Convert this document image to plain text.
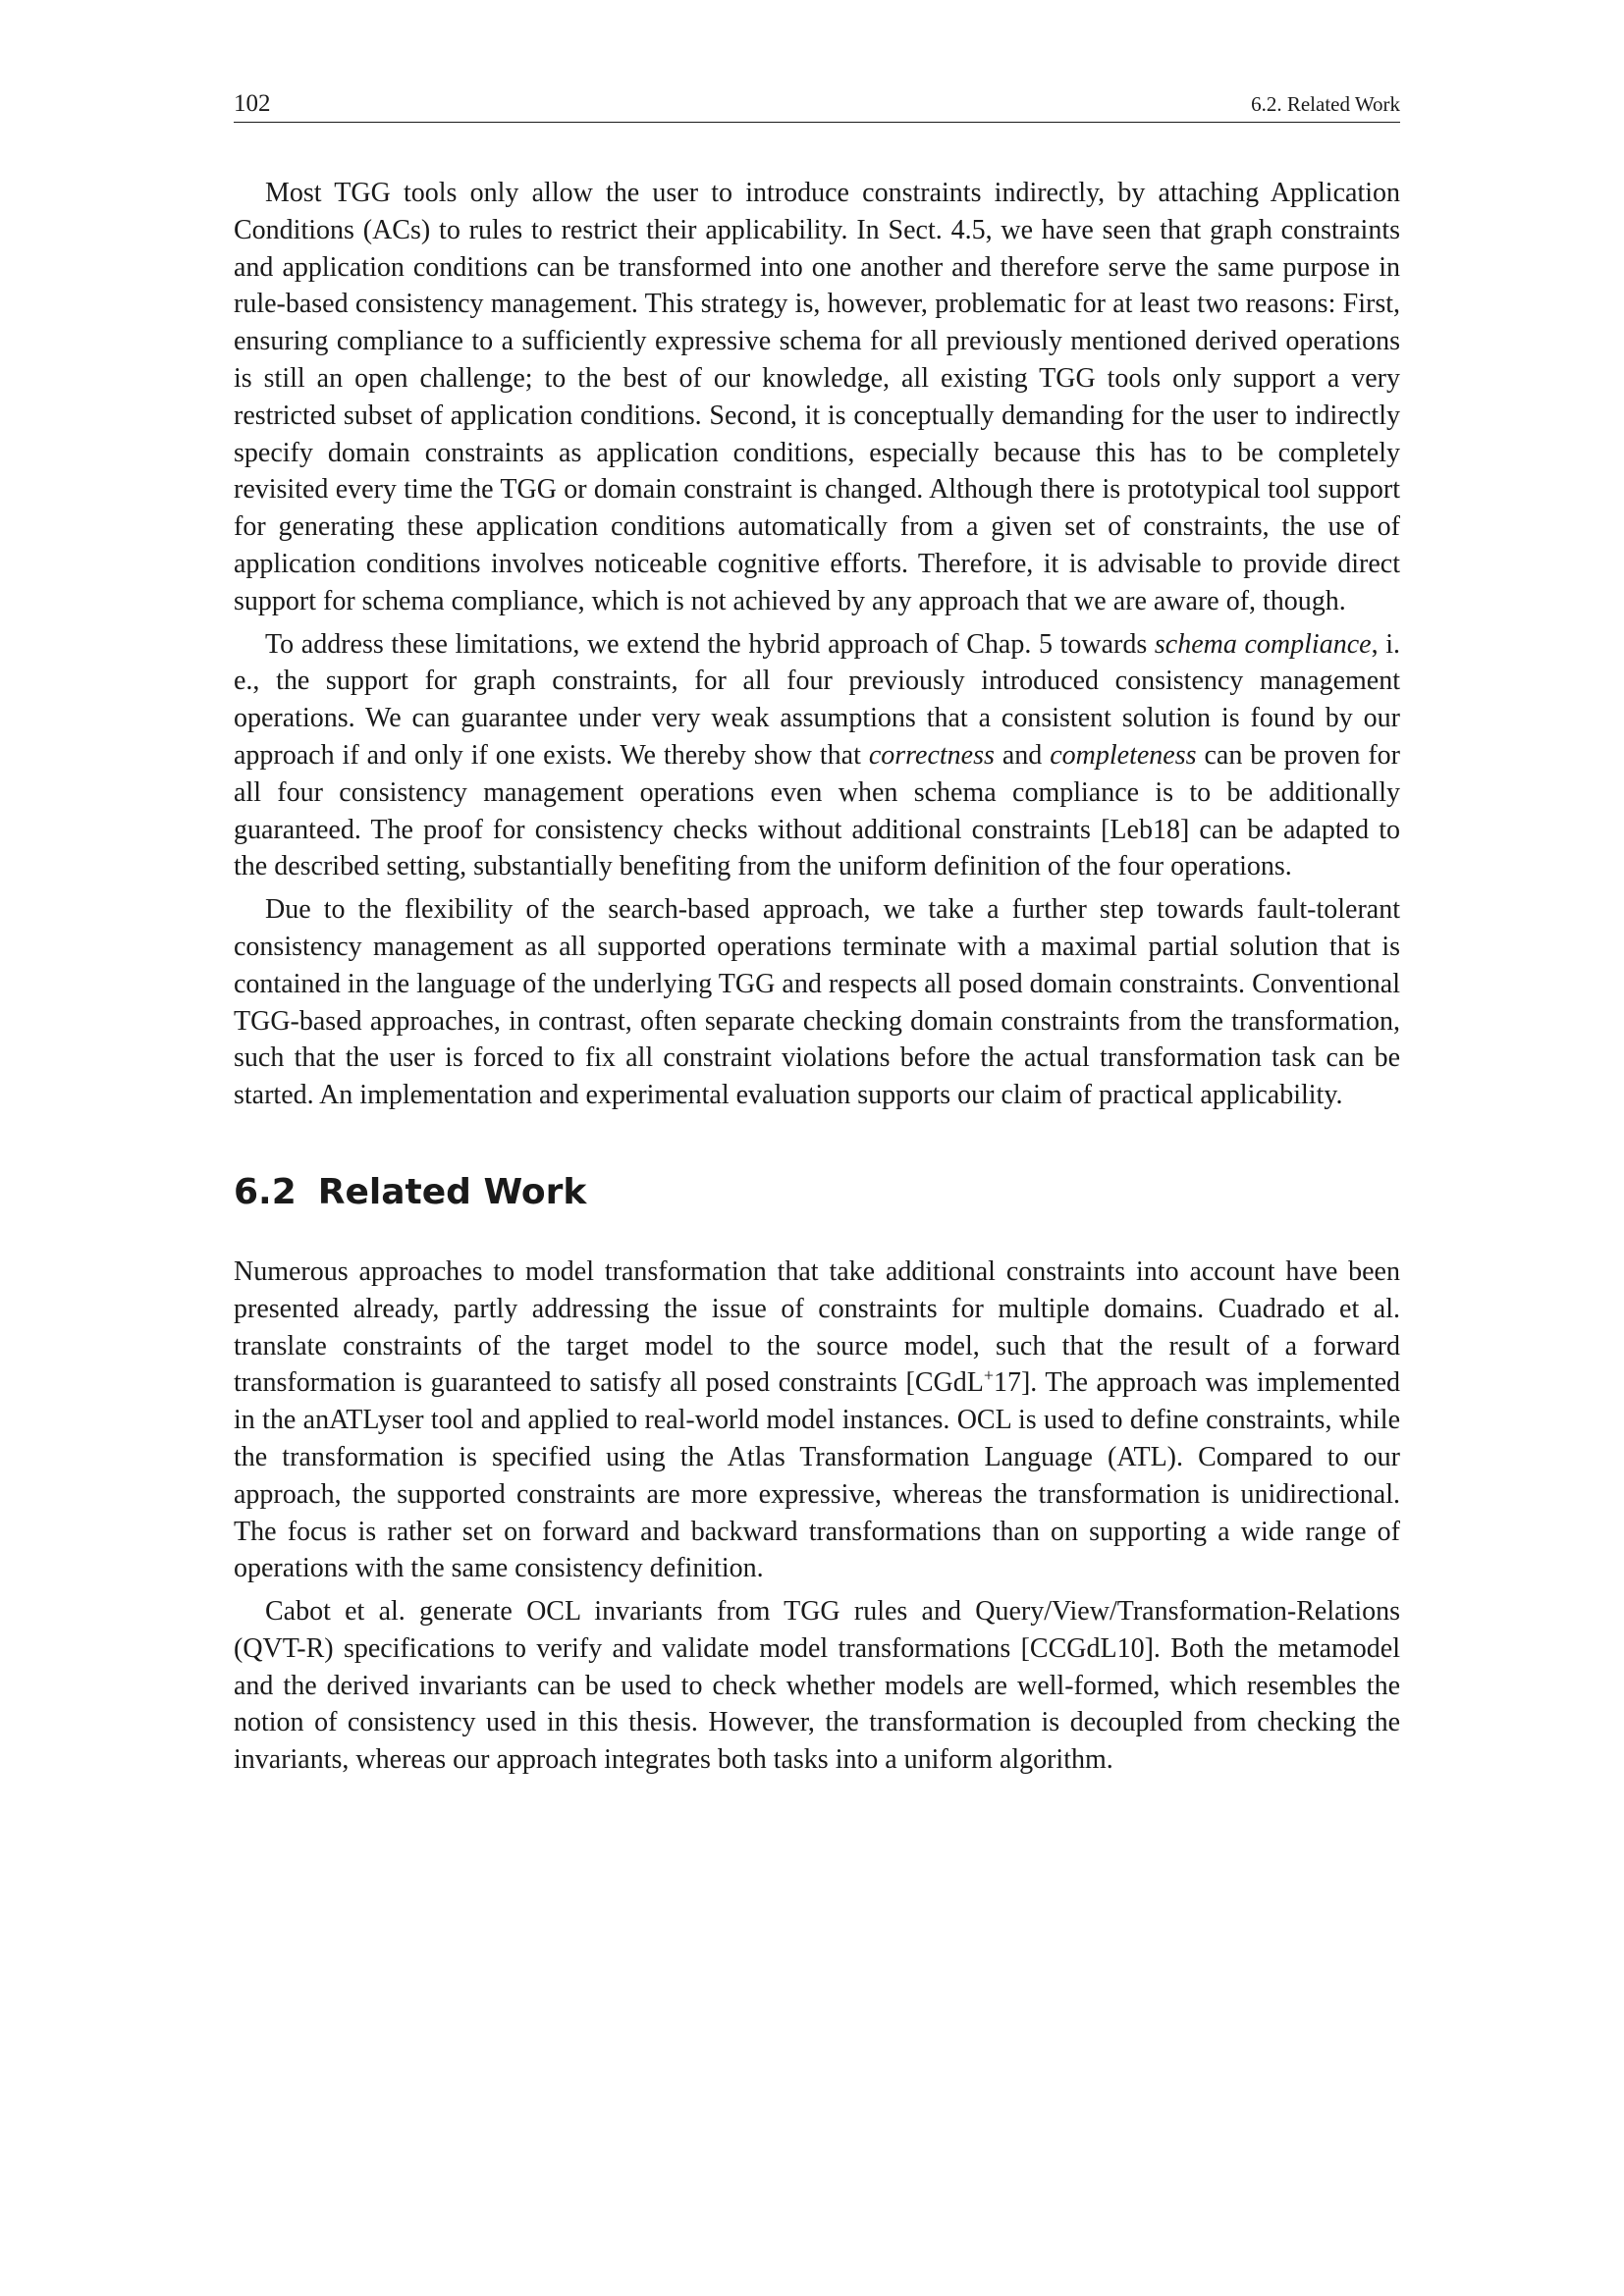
102	6.2. Related Work

Most TGG tools only allow the user to introduce constraints indirectly, by attaching Application Conditions (ACs) to rules to restrict their applicability. In Sect. 4.5, we have seen that graph constraints and application conditions can be transformed into one another and therefore serve the same purpose in rule-based consistency management. This strategy is, however, problematic for at least two reasons: First, ensuring compliance to a sufficiently expressive schema for all previously mentioned derived operations is still an open challenge; to the best of our knowledge, all existing TGG tools only support a very restricted subset of application conditions. Second, it is conceptually demanding for the user to indirectly specify domain constraints as application conditions, especially because this has to be completely revisited every time the TGG or domain constraint is changed. Although there is prototypical tool support for generating these application conditions automatically from a given set of constraints, the use of application conditions involves noticeable cognitive efforts. Therefore, it is advisable to provide direct support for schema compliance, which is not achieved by any approach that we are aware of, though.

To address these limitations, we extend the hybrid approach of Chap. 5 towards schema compliance, i. e., the support for graph constraints, for all four previously introduced consistency management operations. We can guarantee under very weak assumptions that a consistent solution is found by our approach if and only if one exists. We thereby show that correctness and completeness can be proven for all four consistency management operations even when schema compliance is to be additionally guaranteed. The proof for consistency checks without additional constraints [Leb18] can be adapted to the described setting, substantially benefiting from the uniform definition of the four operations.

Due to the flexibility of the search-based approach, we take a further step towards fault-tolerant consistency management as all supported operations terminate with a maximal partial solution that is contained in the language of the underlying TGG and respects all posed domain constraints. Conventional TGG-based approaches, in contrast, often separate checking domain constraints from the transformation, such that the user is forced to fix all constraint violations before the actual transformation task can be started. An implementation and experimental evaluation supports our claim of practical applicability.

6.2 Related Work

Numerous approaches to model transformation that take additional constraints into account have been presented already, partly addressing the issue of constraints for multiple domains. Cuadrado et al. translate constraints of the target model to the source model, such that the result of a forward transformation is guaranteed to satisfy all posed constraints [CGdL+17]. The approach was implemented in the anATLyser tool and applied to real-world model instances. OCL is used to define constraints, while the transformation is specified using the Atlas Transformation Language (ATL). Compared to our approach, the supported constraints are more expressive, whereas the transformation is unidirectional. The focus is rather set on forward and backward transformations than on supporting a wide range of operations with the same consistency definition.

Cabot et al. generate OCL invariants from TGG rules and Query/View/Transformation-Relations (QVT-R) specifications to verify and validate model transformations [CCGdL10]. Both the metamodel and the derived invariants can be used to check whether models are well-formed, which resembles the notion of consistency used in this thesis. However, the transformation is decoupled from checking the invariants, whereas our approach integrates both tasks into a uniform algorithm.
